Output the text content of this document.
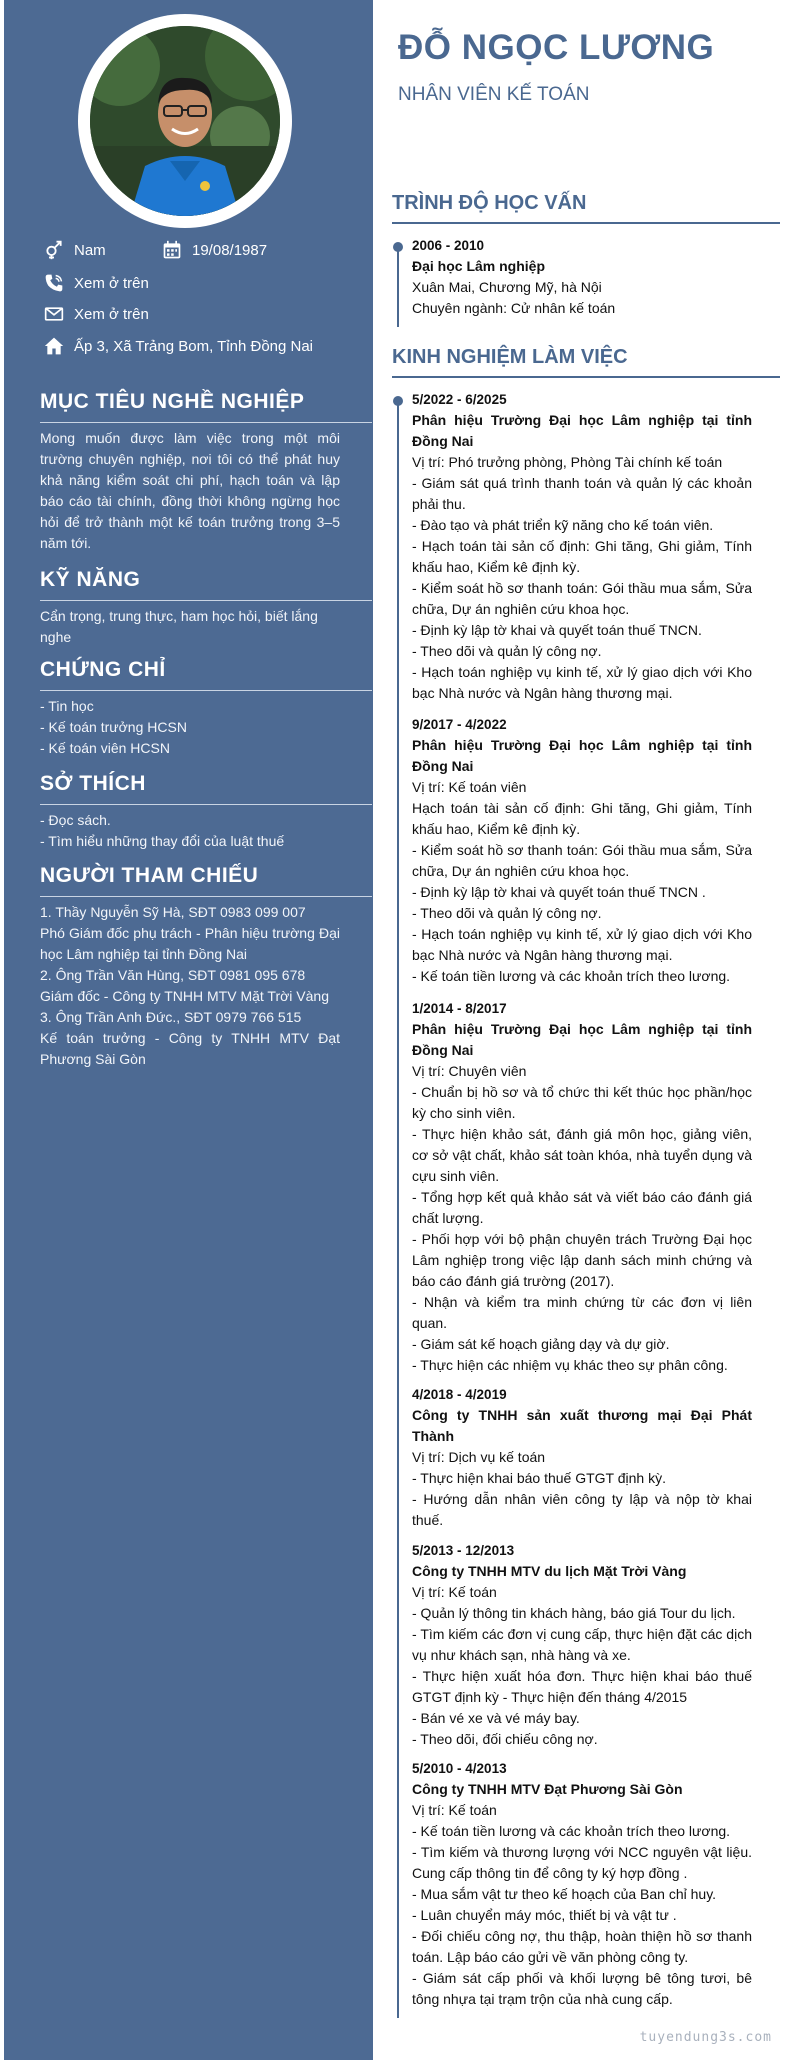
Nam	19/08/1987
Xem ở trên
Xem ở trên
Ấp 3, Xã Trảng Bom, Tỉnh Đồng Nai
MỤC TIÊU NGHỀ NGHIỆP
Mong muốn được làm việc trong một môi trường chuyên nghiệp, nơi tôi có thể phát huy khả năng kiểm soát chi phí, hạch toán và lập báo cáo tài chính, đồng thời không ngừng học hỏi để trở thành một kế toán trưởng trong 3–5 năm tới.
KỸ NĂNG
Cẩn trọng, trung thực, ham học hỏi, biết lắng nghe
CHỨNG CHỈ
- Tin học
- Kế toán trưởng HCSN
- Kế toán viên HCSN
SỞ THÍCH
- Đọc sách.
- Tìm hiểu những thay đổi của luật thuế
NGƯỜI THAM CHIẾU
1. Thầy Nguyễn Sỹ Hà, SĐT 0983 099 007
Phó Giám đốc phụ trách - Phân hiệu trường Đại học Lâm nghiệp tại tỉnh Đồng Nai
2. Ông Trần Văn Hùng, SĐT 0981 095 678
Giám đốc - Công ty TNHH MTV Mặt Trời Vàng
3. Ông Trần Anh Đức., SĐT 0979 766 515
Kế toán trưởng - Công ty TNHH MTV Đạt Phương Sài Gòn
ĐỖ NGỌC LƯƠNG
NHÂN VIÊN KẾ TOÁN
TRÌNH ĐỘ HỌC VẤN
2006 - 2010
Đại học Lâm nghiệp
Xuân Mai, Chương Mỹ, hà Nội
Chuyên ngành: Cử nhân kế toán
KINH NGHIỆM LÀM VIỆC
5/2022 - 6/2025
Phân hiệu Trường Đại học Lâm nghiệp tại tỉnh Đồng Nai
Vị trí: Phó trưởng phòng, Phòng Tài chính kế toán
- Giám sát quá trình thanh toán và quản lý các khoản phải thu.
- Đào tạo và phát triển kỹ năng cho kế toán viên.
- Hạch toán tài sản cố định: Ghi tăng, Ghi giảm, Tính khấu hao, Kiểm kê định kỳ.
- Kiểm soát hồ sơ thanh toán: Gói thầu mua sắm, Sửa chữa, Dự án nghiên cứu khoa học.
- Định kỳ lập tờ khai và quyết toán thuế TNCN.
- Theo dõi và quản lý công nợ.
- Hạch toán nghiệp vụ kinh tế, xử lý giao dịch với Kho bạc Nhà nước và Ngân hàng thương mại.
9/2017 - 4/2022
Phân hiệu Trường Đại học Lâm nghiệp tại tỉnh Đồng Nai
Vị trí: Kế toán viên
Hạch toán tài sản cố định: Ghi tăng, Ghi giảm, Tính khấu hao, Kiểm kê định kỳ.
- Kiểm soát hồ sơ thanh toán: Gói thầu mua sắm, Sửa chữa, Dự án nghiên cứu khoa học.
- Định kỳ lập tờ khai và quyết toán thuế TNCN .
- Theo dõi và quản lý công nợ.
- Hạch toán nghiệp vụ kinh tế, xử lý giao dịch với Kho bạc Nhà nước và Ngân hàng thương mại.
- Kế toán tiền lương và các khoản trích theo lương.
1/2014 - 8/2017
Phân hiệu Trường Đại học Lâm nghiệp tại tỉnh Đồng Nai
Vị trí: Chuyên viên
- Chuẩn bị hồ sơ và tổ chức thi kết thúc học phần/học kỳ cho sinh viên.
- Thực hiện khảo sát, đánh giá môn học, giảng viên, cơ sở vật chất, khảo sát toàn khóa, nhà tuyển dụng và cựu sinh viên.
- Tổng hợp kết quả khảo sát và viết báo cáo đánh giá chất lượng.
- Phối hợp với bộ phận chuyên trách Trường Đại học Lâm nghiệp trong việc lập danh sách minh chứng và báo cáo đánh giá trường (2017).
- Nhận và kiểm tra minh chứng từ các đơn vị liên quan.
- Giám sát kế hoạch giảng dạy và dự giờ.
- Thực hiện các nhiệm vụ khác theo sự phân công.
4/2018 - 4/2019
Công ty TNHH sản xuất thương mại Đại Phát Thành
Vị trí: Dịch vụ kế toán
- Thực hiện khai báo thuế GTGT định kỳ.
- Hướng dẫn nhân viên công ty lập và nộp tờ khai thuế.
5/2013 - 12/2013
Công ty TNHH MTV du lịch Mặt Trời Vàng
Vị trí: Kế toán
- Quản lý thông tin khách hàng, báo giá Tour du lịch.
- Tìm kiếm các đơn vị cung cấp, thực hiện đặt các dịch vụ như khách sạn, nhà hàng và xe.
- Thực hiện xuất hóa đơn. Thực hiện khai báo thuế GTGT định kỳ - Thực hiện đến tháng 4/2015
- Bán vé xe và vé máy bay.
- Theo dõi, đối chiếu công nợ.
5/2010 - 4/2013
Công ty TNHH MTV Đạt Phương Sài Gòn
Vị trí: Kế toán
- Kế toán tiền lương và các khoản trích theo lương.
- Tìm kiếm và thương lượng với NCC nguyên vật liệu. Cung cấp thông tin để công ty ký hợp đồng .
- Mua sắm vật tư theo kế hoạch của Ban chỉ huy.
- Luân chuyển máy móc, thiết bị và vật tư .
- Đối chiếu công nợ, thu thập, hoàn thiện hồ sơ thanh toán. Lập báo cáo gửi về văn phòng công ty.
- Giám sát cấp phối và khối lượng bê tông tươi, bê tông nhựa tại trạm trộn của nhà cung cấp.
tuyendung3s.com
